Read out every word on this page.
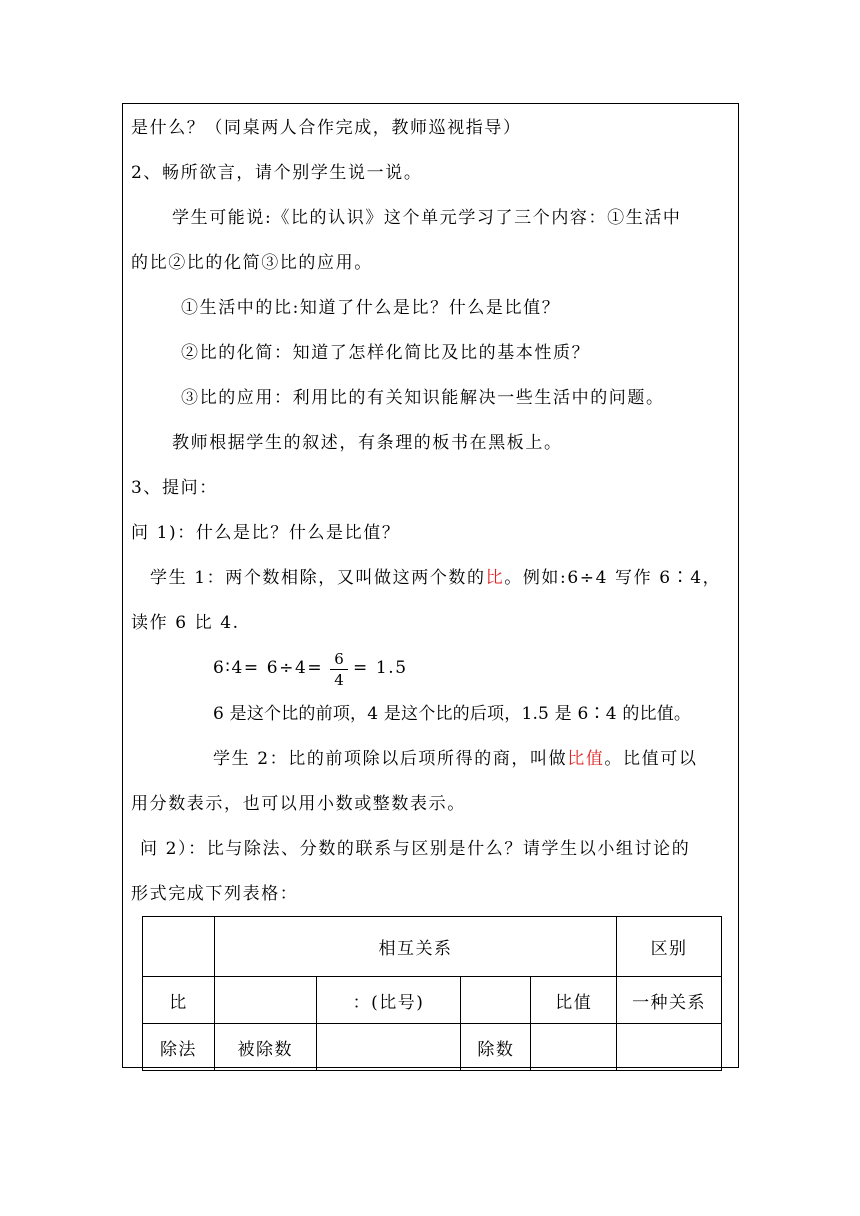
是什么？（同桌两人合作完成，教师巡视指导）
2、畅所欲言，请个别学生说一说。
学生可能说:《比的认识》这个单元学习了三个内容：①生活中
的比②比的化简③比的应用。
①生活中的比:知道了什么是比？什么是比值？
②比的化简：知道了怎样化简比及比的基本性质？
③比的应用：利用比的有关知识能解决一些生活中的问题。
教师根据学生的叙述，有条理的板书在黑板上。
3、提问：
问 1)：什么是比？什么是比值？
学生 1：两个数相除，又叫做这两个数的比。例如:6÷4 写作 6∶4，
读作 6 比 4.
6∶4= $6\div 4= \frac{6}{4} = 1.5$
6 是这个比的前项，4 是这个比的后项，1.5 是 6∶4 的比值。
学生 2：比的前项除以后项所得的商，叫做比值。比值可以
用分数表示，也可以用小数或整数表示。
问 2）：比与除法、分数的联系与区别是什么？请学生以小组讨论的
形式完成下列表格：
	相互关系				区别
比		：(比号)		比值	一种关系
除法	被除数		除数		
